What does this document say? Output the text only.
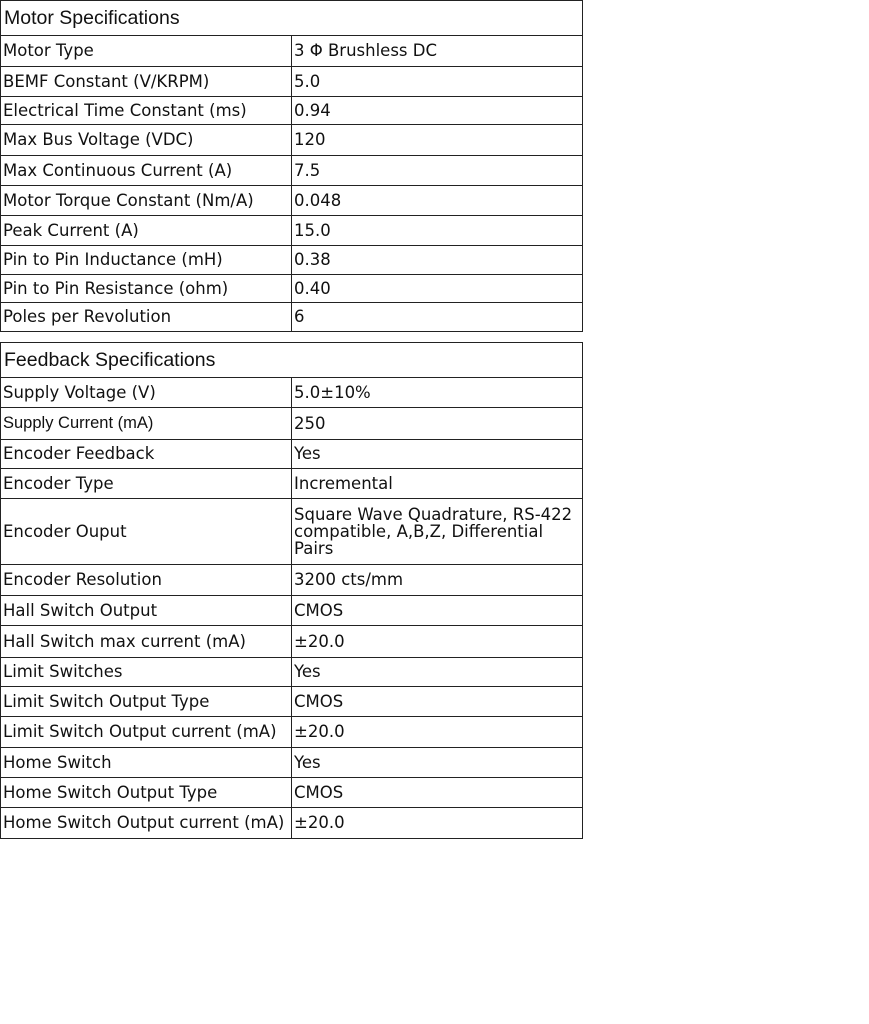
Motor Specifications	
Motor Type	3 Φ Brushless DC
BEMF Constant (V/KRPM)	5.0
Electrical Time Constant (ms)	0.94
Max Bus Voltage (VDC)	120
Max Continuous Current (A)	7.5
Motor Torque Constant (Nm/A)	0.048
Peak Current (A)	15.0
Pin to Pin Inductance (mH)	0.38
Pin to Pin Resistance (ohm)	0.40
Poles per Revolution	6
Feedback Specifications	
Supply Voltage (V)	5.0±10%
Supply Current (mA)	250
Encoder Feedback	Yes
Encoder Type	Incremental
Encoder Ouput	Square Wave Quadrature, RS-422 compatible, A,B,Z, Differential Pairs
Encoder Resolution	3200 cts/mm
Hall Switch Output	CMOS
Hall Switch max current (mA)	±20.0
Limit Switches	Yes
Limit Switch Output Type	CMOS
Limit Switch Output current (mA)	±20.0
Home Switch	Yes
Home Switch Output Type	CMOS
Home Switch Output current (mA)	±20.0
